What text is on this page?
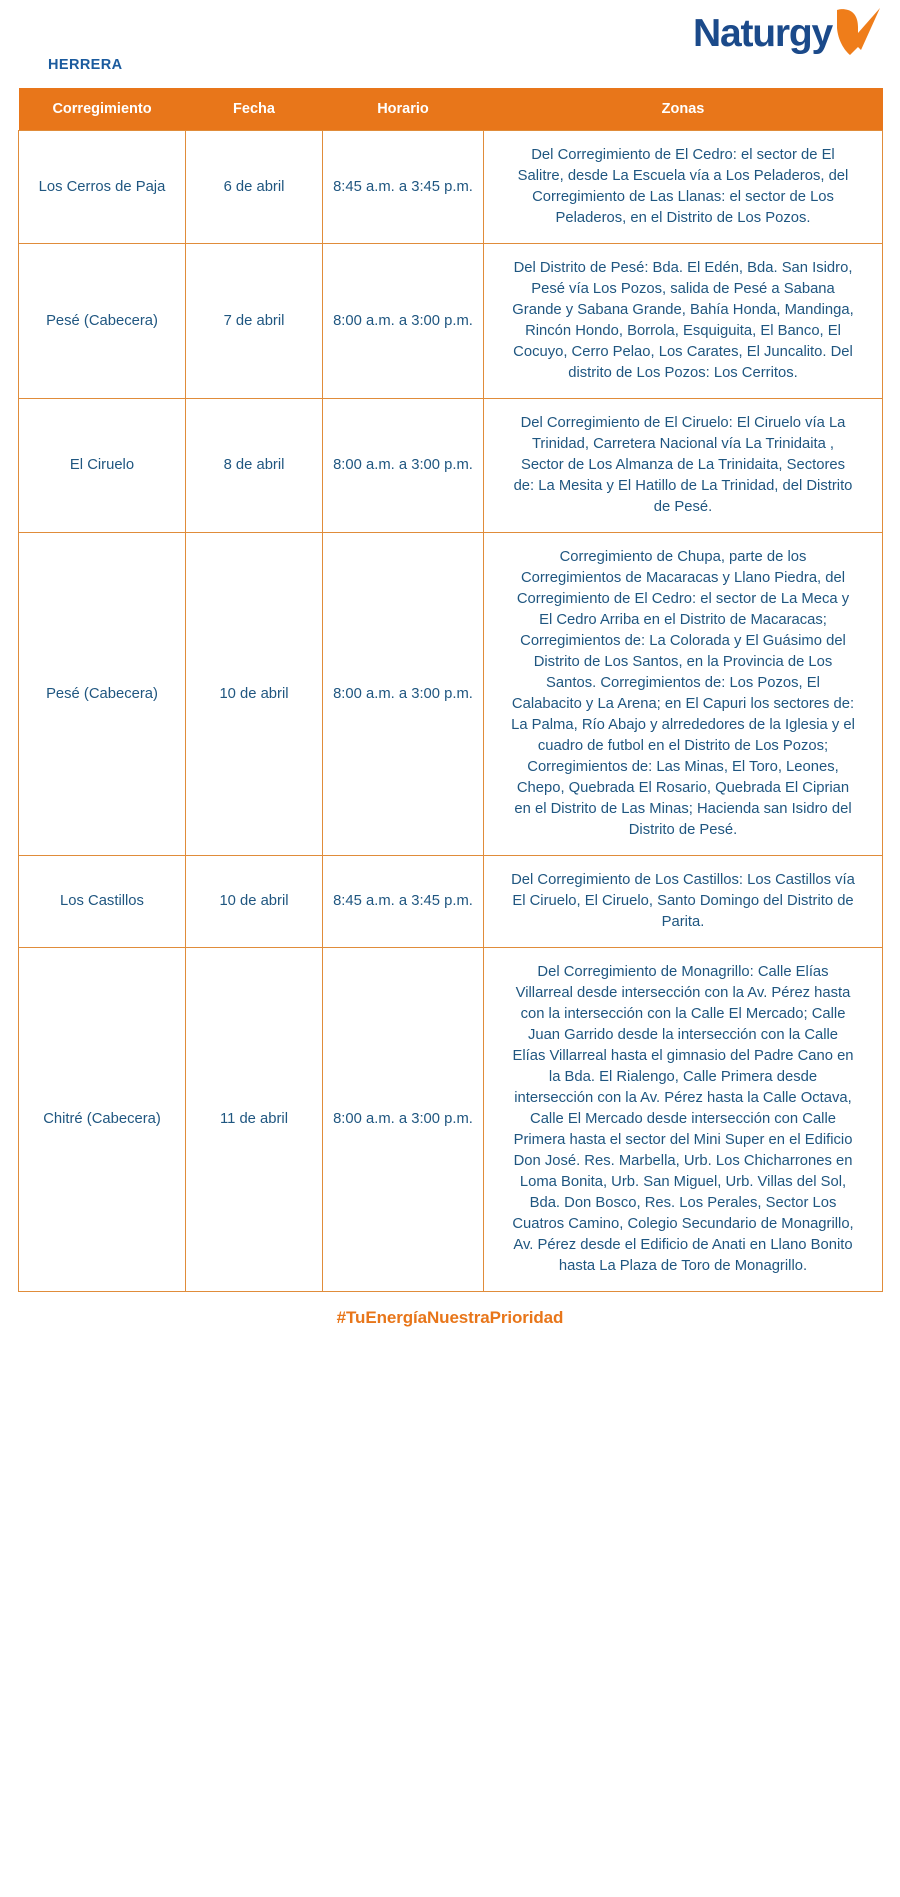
HERRERA
Naturgy
Corregimiento	Fecha	Horario	Zonas
Los Cerros de Paja	6 de abril	8:45 a.m. a 3:45 p.m.	Del Corregimiento de El Cedro: el sector de El Salitre, desde La Escuela vía a Los Peladeros, del Corregimiento de Las Llanas: el sector de Los Peladeros, en el Distrito de Los Pozos.
Pesé (Cabecera)	7 de abril	8:00 a.m. a 3:00 p.m.	Del Distrito de Pesé: Bda. El Edén, Bda. San Isidro, Pesé vía Los Pozos, salida de Pesé a Sabana Grande y Sabana Grande, Bahía Honda, Mandinga, Rincón Hondo, Borrola, Esquiguita, El Banco, El Cocuyo, Cerro Pelao, Los Carates, El Juncalito. Del distrito de Los Pozos: Los Cerritos.
El Ciruelo	8 de abril	8:00 a.m. a 3:00 p.m.	Del Corregimiento de El Ciruelo: El Ciruelo vía La Trinidad, Carretera Nacional vía La Trinidaita , Sector de Los Almanza de La Trinidaita, Sectores de: La Mesita y El Hatillo de La Trinidad, del Distrito de Pesé.
Pesé (Cabecera)	10 de abril	8:00 a.m. a 3:00 p.m.	Corregimiento de Chupa, parte de los Corregimientos de Macaracas y Llano Piedra, del Corregimiento de El Cedro: el sector de La Meca y El Cedro Arriba en el Distrito de Macaracas; Corregimientos de: La Colorada y El Guásimo del Distrito de Los Santos, en la Provincia de Los Santos. Corregimientos de: Los Pozos, El Calabacito y La Arena; en El Capuri los sectores de: La Palma, Río Abajo y alrrededores de la Iglesia y el cuadro de futbol en el Distrito de Los Pozos; Corregimientos de: Las Minas, El Toro, Leones, Chepo, Quebrada El Rosario, Quebrada El Ciprian en el Distrito de Las Minas; Hacienda san Isidro del Distrito de Pesé.
Los Castillos	10 de abril	8:45 a.m. a 3:45 p.m.	Del Corregimiento de Los Castillos: Los Castillos vía El Ciruelo, El Ciruelo, Santo Domingo del Distrito de Parita.
Chitré (Cabecera)	11 de abril	8:00 a.m. a 3:00 p.m.	Del Corregimiento de Monagrillo: Calle Elías Villarreal desde intersección con la Av. Pérez hasta con la intersección con la Calle El Mercado; Calle Juan Garrido desde la intersección con la Calle Elías Villarreal hasta el gimnasio del Padre Cano en la Bda. El Rialengo, Calle Primera desde intersección con la Av. Pérez hasta la Calle Octava, Calle El Mercado desde intersección con Calle Primera hasta el sector del Mini Super en el Edificio Don José. Res. Marbella, Urb. Los Chicharrones en Loma Bonita, Urb. San Miguel, Urb. Villas del Sol, Bda. Don Bosco, Res. Los Perales, Sector Los Cuatros Camino, Colegio Secundario de Monagrillo, Av. Pérez desde el Edificio de Anati en Llano Bonito hasta La Plaza de Toro de Monagrillo.
#TuEnergíaNuestraPrioridad
